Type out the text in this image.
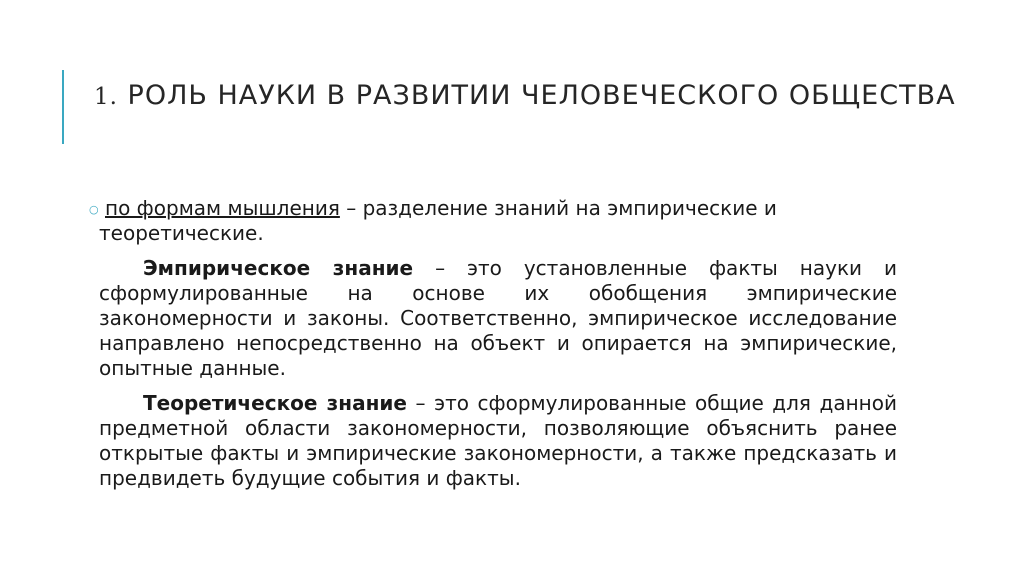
1. РОЛЬ НАУКИ В РАЗВИТИИ ЧЕЛОВЕЧЕСКОГО ОБЩЕСТВА

○ по формам мышления – разделение знаний на эмпирические и теоретические.

Эмпирическое знание – это установленные факты науки и сформулированные на основе их обобщения эмпирические закономерности и законы. Соответственно, эмпирическое исследование направлено непосредственно на объект и опирается на эмпирические, опытные данные.

Теоретическое знание – это сформулированные общие для данной предметной области закономерности, позволяющие объяснить ранее открытые факты и эмпирические закономерности, а также предсказать и предвидеть будущие события и факты.
